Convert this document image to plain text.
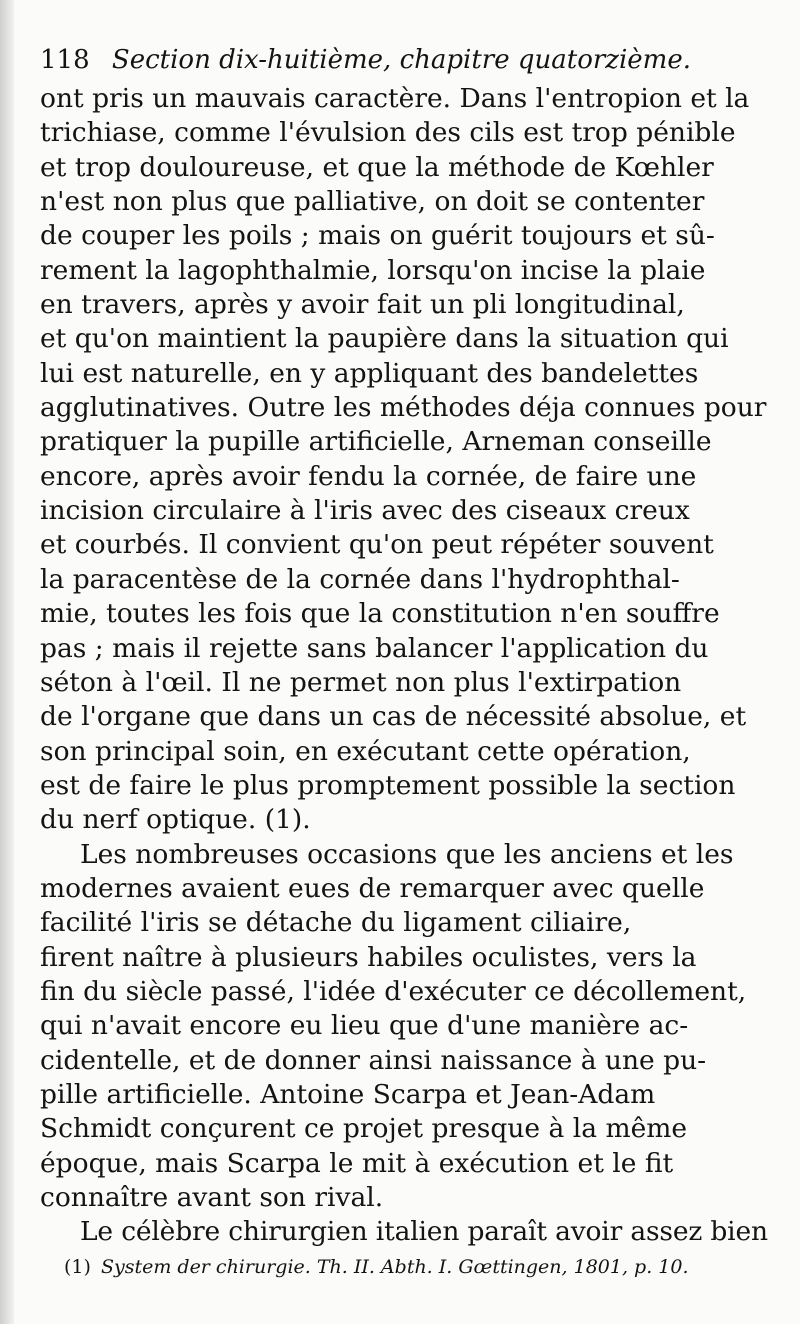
118 Section dix-huitième, chapitre quatorzième.
ont pris un mauvais caractère. Dans l'entropion et la
trichiase, comme l'évulsion des cils est trop pénible
et trop douloureuse, et que la méthode de Kœhler
n'est non plus que palliative, on doit se contenter
de couper les poils ; mais on guérit toujours et sû-
rement la lagophthalmie, lorsqu'on incise la plaie
en travers, après y avoir fait un pli longitudinal,
et qu'on maintient la paupière dans la situation qui
lui est naturelle, en y appliquant des bandelettes
agglutinatives. Outre les méthodes déja connues pour
pratiquer la pupille artificielle, Arneman conseille
encore, après avoir fendu la cornée, de faire une
incision circulaire à l'iris avec des ciseaux creux
et courbés. Il convient qu'on peut répéter souvent
la paracentèse de la cornée dans l'hydrophthal-
mie, toutes les fois que la constitution n'en souffre
pas ; mais il rejette sans balancer l'application du
séton à l'œil. Il ne permet non plus l'extirpation
de l'organe que dans un cas de nécessité absolue, et
son principal soin, en exécutant cette opération,
est de faire le plus promptement possible la section
du nerf optique. (1).
Les nombreuses occasions que les anciens et les
modernes avaient eues de remarquer avec quelle
facilité l'iris se détache du ligament ciliaire,
firent naître à plusieurs habiles oculistes, vers la
fin du siècle passé, l'idée d'exécuter ce décollement,
qui n'avait encore eu lieu que d'une manière ac-
cidentelle, et de donner ainsi naissance à une pu-
pille artificielle. Antoine Scarpa et Jean-Adam
Schmidt conçurent ce projet presque à la même
époque, mais Scarpa le mit à exécution et le fit
connaître avant son rival.
Le célèbre chirurgien italien paraît avoir assez bien
(1) System der chirurgie. Th. II. Abth. I. Gœttingen, 1801, p. 10.
